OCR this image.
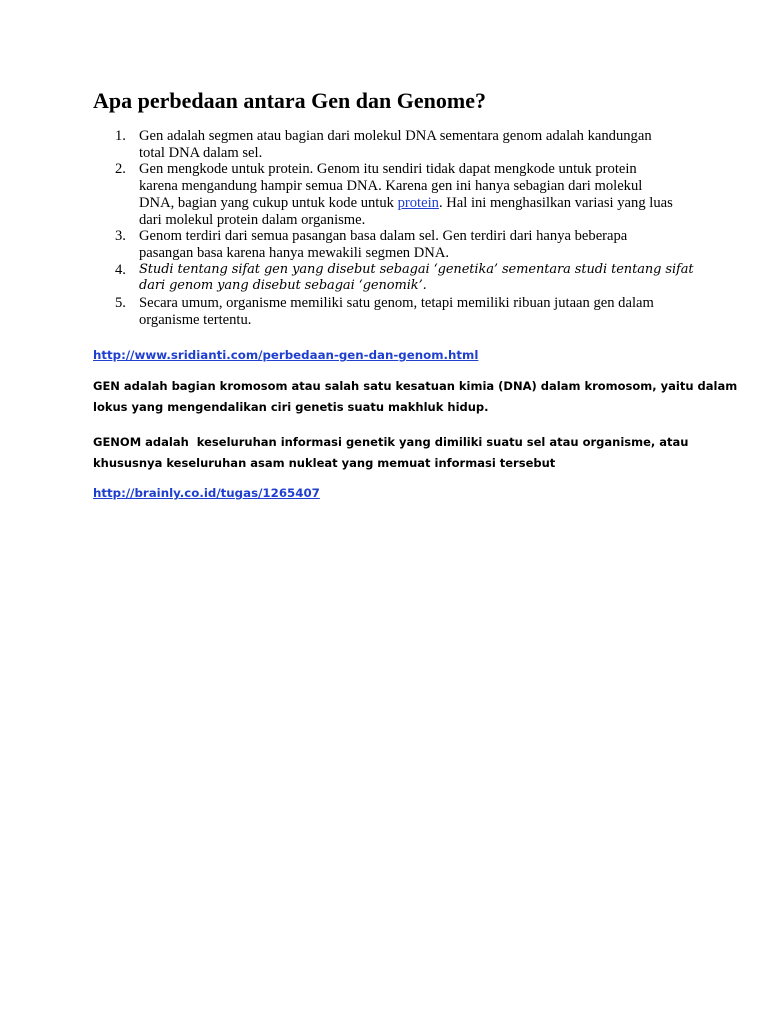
Apa perbedaan antara Gen dan Genome?
1. Gen adalah segmen atau bagian dari molekul DNA sementara genom adalah kandungan total DNA dalam sel.
2. Gen mengkode untuk protein. Genom itu sendiri tidak dapat mengkode untuk protein karena mengandung hampir semua DNA. Karena gen ini hanya sebagian dari molekul DNA, bagian yang cukup untuk kode untuk protein. Hal ini menghasilkan variasi yang luas dari molekul protein dalam organisme.
3. Genom terdiri dari semua pasangan basa dalam sel. Gen terdiri dari hanya beberapa pasangan basa karena hanya mewakili segmen DNA.
4. Studi tentang sifat gen yang disebut sebagai ‘genetika’ sementara studi tentang sifat
dari genom yang disebut sebagai ‘genomik’.
5. Secara umum, organisme memiliki satu genom, tetapi memiliki ribuan jutaan gen dalam organisme tertentu.
http://www.sridianti.com/perbedaan-gen-dan-genom.html

GEN adalah bagian kromosom atau salah satu kesatuan kimia (DNA) dalam kromosom, yaitu dalam
lokus yang mengendalikan ciri genetis suatu makhluk hidup.

GENOM adalah  keseluruhan informasi genetik yang dimiliki suatu sel atau organisme, atau
khususnya keseluruhan asam nukleat yang memuat informasi tersebut

http://brainly.co.id/tugas/1265407
